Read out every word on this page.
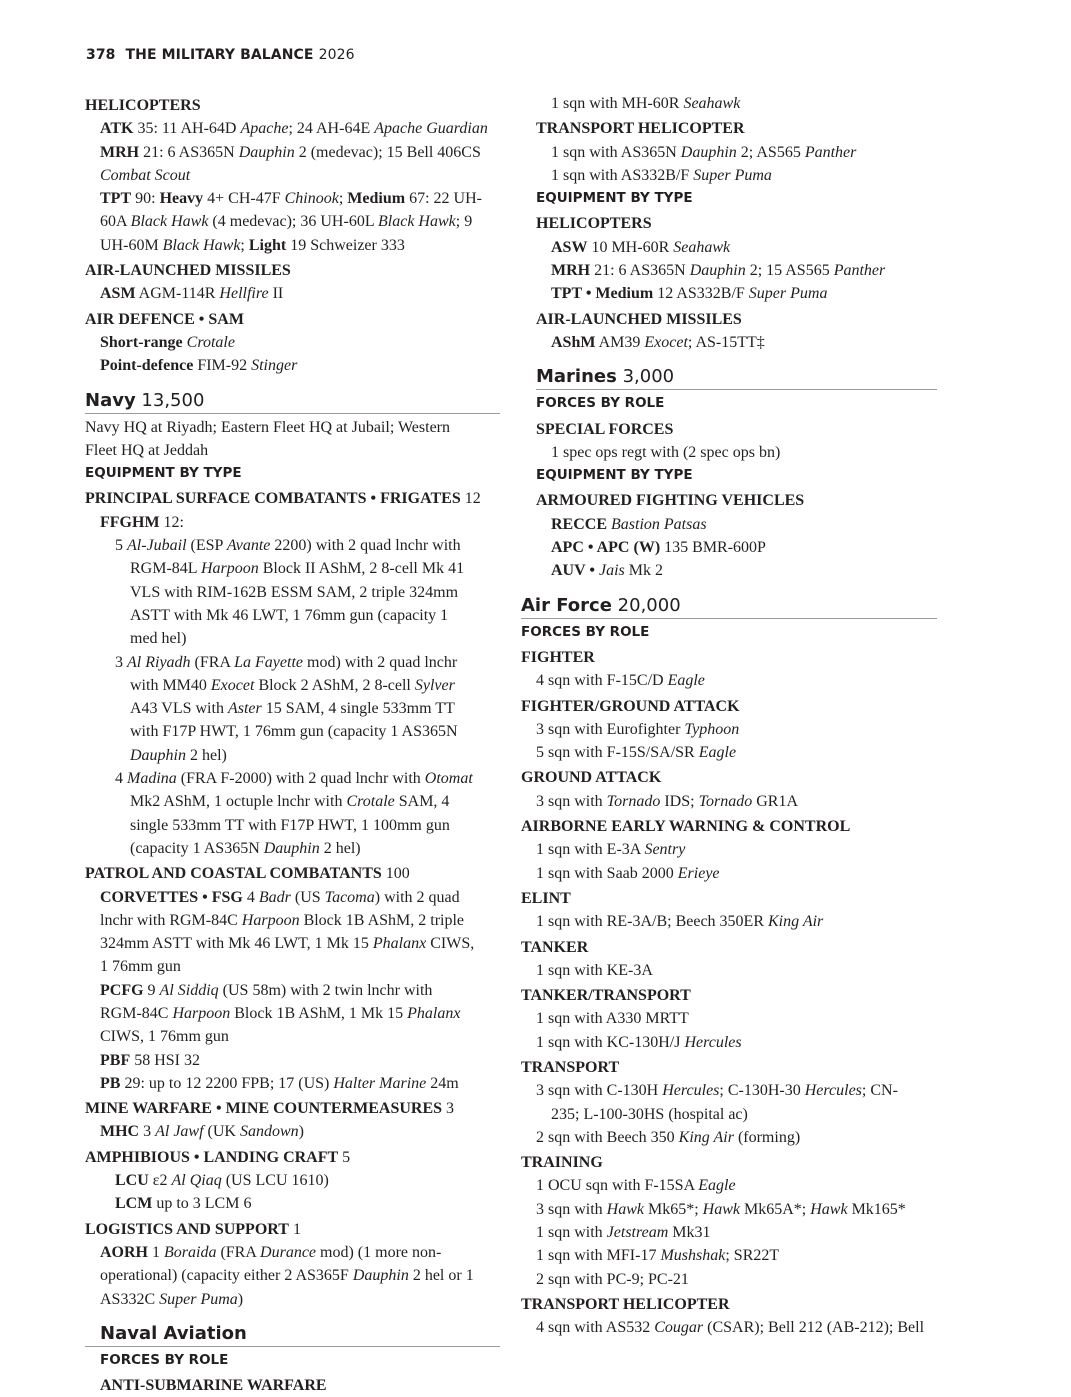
378 THE MILITARY BALANCE 2026
HELICOPTERS
ATK 35: 11 AH-64D Apache; 24 AH-64E Apache Guardian
MRH 21: 6 AS365N Dauphin 2 (medevac); 15 Bell 406CS
Combat Scout
TPT 90: Heavy 4+ CH-47F Chinook; Medium 67: 22 UH-
60A Black Hawk (4 medevac); 36 UH-60L Black Hawk; 9
UH-60M Black Hawk; Light 19 Schweizer 333
AIR-LAUNCHED MISSILES
ASM AGM-114R Hellfire II
AIR DEFENCE • SAM
Short-range Crotale
Point-defence FIM-92 Stinger
Navy 13,500
Navy HQ at Riyadh; Eastern Fleet HQ at Jubail; Western
Fleet HQ at Jeddah
EQUIPMENT BY TYPE
PRINCIPAL SURFACE COMBATANTS • FRIGATES 12
FFGHM 12:
5 Al-Jubail (ESP Avante 2200) with 2 quad lnchr with
RGM-84L Harpoon Block II AShM, 2 8-cell Mk 41
VLS with RIM-162B ESSM SAM, 2 triple 324mm
ASTT with Mk 46 LWT, 1 76mm gun (capacity 1
med hel)
3 Al Riyadh (FRA La Fayette mod) with 2 quad lnchr
with MM40 Exocet Block 2 AShM, 2 8-cell Sylver
A43 VLS with Aster 15 SAM, 4 single 533mm TT
with F17P HWT, 1 76mm gun (capacity 1 AS365N
Dauphin 2 hel)
4 Madina (FRA F-2000) with 2 quad lnchr with Otomat
Mk2 AShM, 1 octuple lnchr with Crotale SAM, 4
single 533mm TT with F17P HWT, 1 100mm gun
(capacity 1 AS365N Dauphin 2 hel)
PATROL AND COASTAL COMBATANTS 100
CORVETTES • FSG 4 Badr (US Tacoma) with 2 quad
lnchr with RGM-84C Harpoon Block 1B AShM, 2 triple
324mm ASTT with Mk 46 LWT, 1 Mk 15 Phalanx CIWS,
1 76mm gun
PCFG 9 Al Siddiq (US 58m) with 2 twin lnchr with
RGM-84C Harpoon Block 1B AShM, 1 Mk 15 Phalanx
CIWS, 1 76mm gun
PBF 58 HSI 32
PB 29: up to 12 2200 FPB; 17 (US) Halter Marine 24m
MINE WARFARE • MINE COUNTERMEASURES 3
MHC 3 Al Jawf (UK Sandown)
AMPHIBIOUS • LANDING CRAFT 5
LCU ε2 Al Qiaq (US LCU 1610)
LCM up to 3 LCM 6
LOGISTICS AND SUPPORT 1
AORH 1 Boraida (FRA Durance mod) (1 more non-
operational) (capacity either 2 AS365F Dauphin 2 hel or 1
AS332C Super Puma)
Naval Aviation
FORCES BY ROLE
ANTI-SUBMARINE WARFARE
1 sqn with MH-60R Seahawk
TRANSPORT HELICOPTER
1 sqn with AS365N Dauphin 2; AS565 Panther
1 sqn with AS332B/F Super Puma
EQUIPMENT BY TYPE
HELICOPTERS
ASW 10 MH-60R Seahawk
MRH 21: 6 AS365N Dauphin 2; 15 AS565 Panther
TPT • Medium 12 AS332B/F Super Puma
AIR-LAUNCHED MISSILES
AShM AM39 Exocet; AS-15TT‡
Marines 3,000
FORCES BY ROLE
SPECIAL FORCES
1 spec ops regt with (2 spec ops bn)
EQUIPMENT BY TYPE
ARMOURED FIGHTING VEHICLES
RECCE Bastion Patsas
APC • APC (W) 135 BMR-600P
AUV • Jais Mk 2
Air Force 20,000
FORCES BY ROLE
FIGHTER
4 sqn with F-15C/D Eagle
FIGHTER/GROUND ATTACK
3 sqn with Eurofighter Typhoon
5 sqn with F-15S/SA/SR Eagle
GROUND ATTACK
3 sqn with Tornado IDS; Tornado GR1A
AIRBORNE EARLY WARNING & CONTROL
1 sqn with E-3A Sentry
1 sqn with Saab 2000 Erieye
ELINT
1 sqn with RE-3A/B; Beech 350ER King Air
TANKER
1 sqn with KE-3A
TANKER/TRANSPORT
1 sqn with A330 MRTT
1 sqn with KC-130H/J Hercules
TRANSPORT
3 sqn with C-130H Hercules; C-130H-30 Hercules; CN-
235; L-100-30HS (hospital ac)
2 sqn with Beech 350 King Air (forming)
TRAINING
1 OCU sqn with F-15SA Eagle
3 sqn with Hawk Mk65*; Hawk Mk65A*; Hawk Mk165*
1 sqn with Jetstream Mk31
1 sqn with MFI-17 Mushshak; SR22T
2 sqn with PC-9; PC-21
TRANSPORT HELICOPTER
4 sqn with AS532 Cougar (CSAR); Bell 212 (AB-212); Bell
